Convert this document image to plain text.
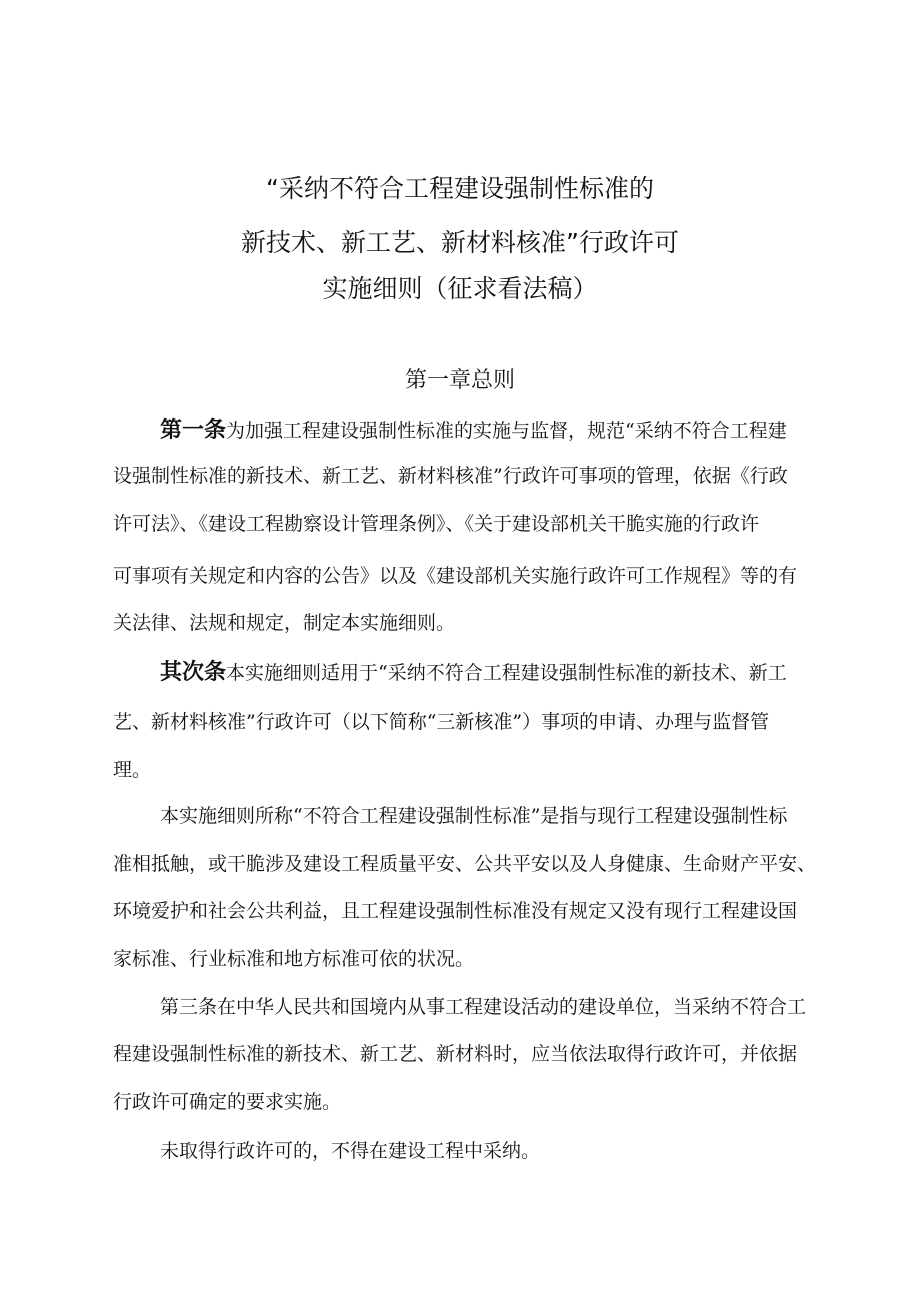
“采纳不符合工程建设强制性标准的
新技术、新工艺、新材料核准”行政许可
实施细则（征求看法稿）
第一章总则
第一条为加强工程建设强制性标准的实施与监督，规范“采纳不符合工程建
设强制性标准的新技术、新工艺、新材料核准”行政许可事项的管理，依据《行政
许可法》、《建设工程勘察设计管理条例》、《关于建设部机关干脆实施的行政许
可事项有关规定和内容的公告》以及《建设部机关实施行政许可工作规程》等的有
关法律、法规和规定，制定本实施细则。
其次条本实施细则适用于“采纳不符合工程建设强制性标准的新技术、新工
艺、新材料核准”行政许可（以下简称“三新核准”）事项的申请、办理与监督管
理。
本实施细则所称“不符合工程建设强制性标准”是指与现行工程建设强制性标
准相抵触，或干脆涉及建设工程质量平安、公共平安以及人身健康、生命财产平安、
环境爱护和社会公共利益，且工程建设强制性标准没有规定又没有现行工程建设国
家标准、行业标准和地方标准可依的状况。
第三条在中华人民共和国境内从事工程建设活动的建设单位，当采纳不符合工
程建设强制性标准的新技术、新工艺、新材料时，应当依法取得行政许可，并依据
行政许可确定的要求实施。
未取得行政许可的，不得在建设工程中采纳。
